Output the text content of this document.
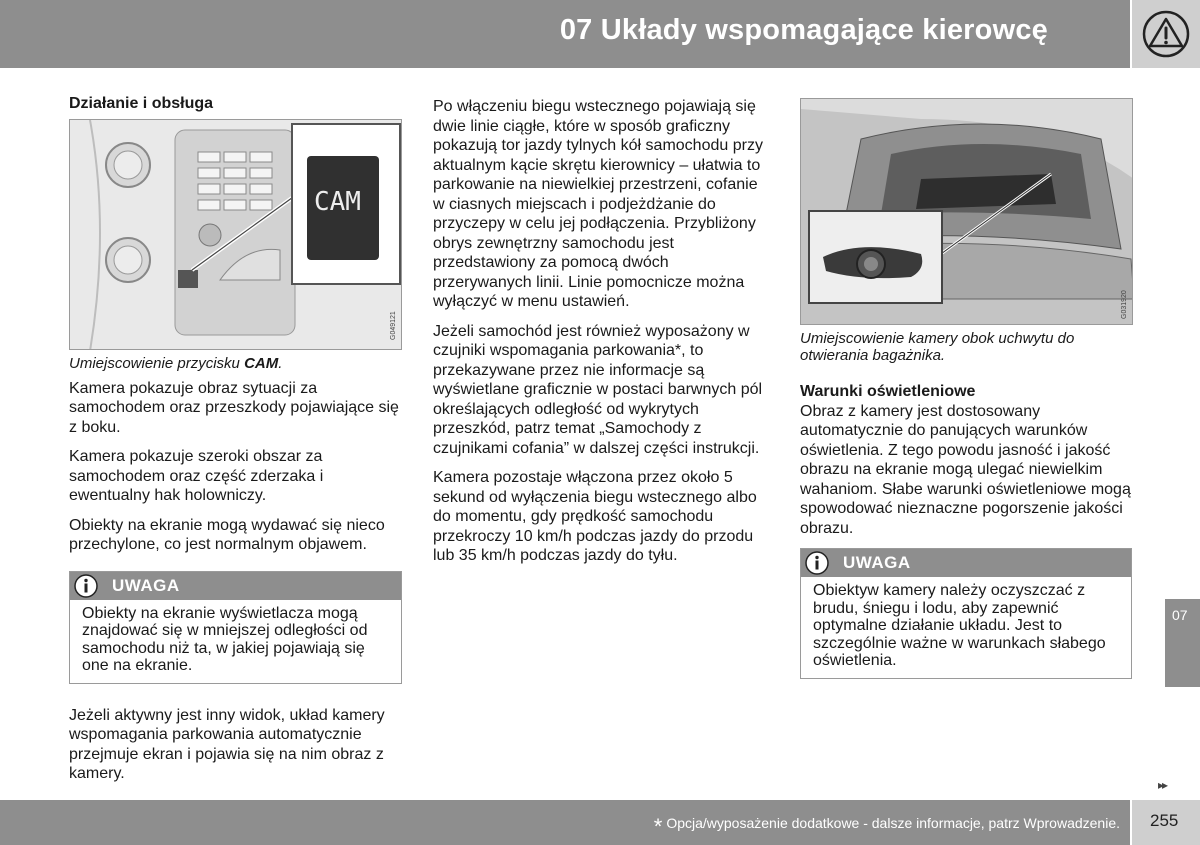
07 Układy wspomagające kierowcę
Działanie i obsługa
CAM
G049121
Umiejscowienie przycisku CAM.

Kamera pokazuje obraz sytuacji za samochodem oraz przeszkody pojawiające się z boku.

Kamera pokazuje szeroki obszar za samochodem oraz część zderzaka i ewentualny hak holowniczy.

Obiekty na ekranie mogą wydawać się nieco przechylone, co jest normalnym objawem.

UWAGA
Obiekty na ekranie wyświetlacza mogą znajdować się w mniejszej odległości od samochodu niż ta, w jakiej pojawiają się one na ekranie.

Jeżeli aktywny jest inny widok, układ kamery wspomagania parkowania automatycznie przejmuje ekran i pojawia się na nim obraz z kamery.

Po włączeniu biegu wstecznego pojawiają się dwie linie ciągłe, które w sposób graficzny pokazują tor jazdy tylnych kół samochodu przy aktualnym kącie skrętu kierownicy – ułatwia to parkowanie na niewielkiej przestrzeni, cofanie w ciasnych miejscach i podjeżdżanie do przyczepy w celu jej podłączenia. Przybliżony obrys zewnętrzny samochodu jest przedstawiony za pomocą dwóch przerywanych linii. Linie pomocnicze można wyłączyć w menu ustawień.

Jeżeli samochód jest również wyposażony w czujniki wspomagania parkowania*, to przekazywane przez nie informacje są wyświetlane graficznie w postaci barwnych pól określających odległość od wykrytych przeszkód, patrz temat „Samochody z czujnikami cofania” w dalszej części instrukcji.

Kamera pozostaje włączona przez około 5 sekund od wyłączenia biegu wstecznego albo do momentu, gdy prędkość samochodu przekroczy 10 km/h podczas jazdy do przodu lub 35 km/h podczas jazdy do tyłu.

G031920
Umiejscowienie kamery obok uchwytu do otwierania bagażnika.
Warunki oświetleniowe

Obraz z kamery jest dostosowany automatycznie do panujących warunków oświetlenia. Z tego powodu jasność i jakość obrazu na ekranie mogą ulegać niewielkim wahaniom. Słabe warunki oświetleniowe mogą spowodować nieznaczne pogorszenie jakości obrazu.

UWAGA
Obiektyw kamery należy oczyszczać z brudu, śniegu i lodu, aby zapewnić optymalne działanie układu. Jest to szczególnie ważne w warunkach słabego oświetlenia.
07
▸▸
* Opcja/wyposażenie dodatkowe - dalsze informacje, patrz Wprowadzenie. 255
